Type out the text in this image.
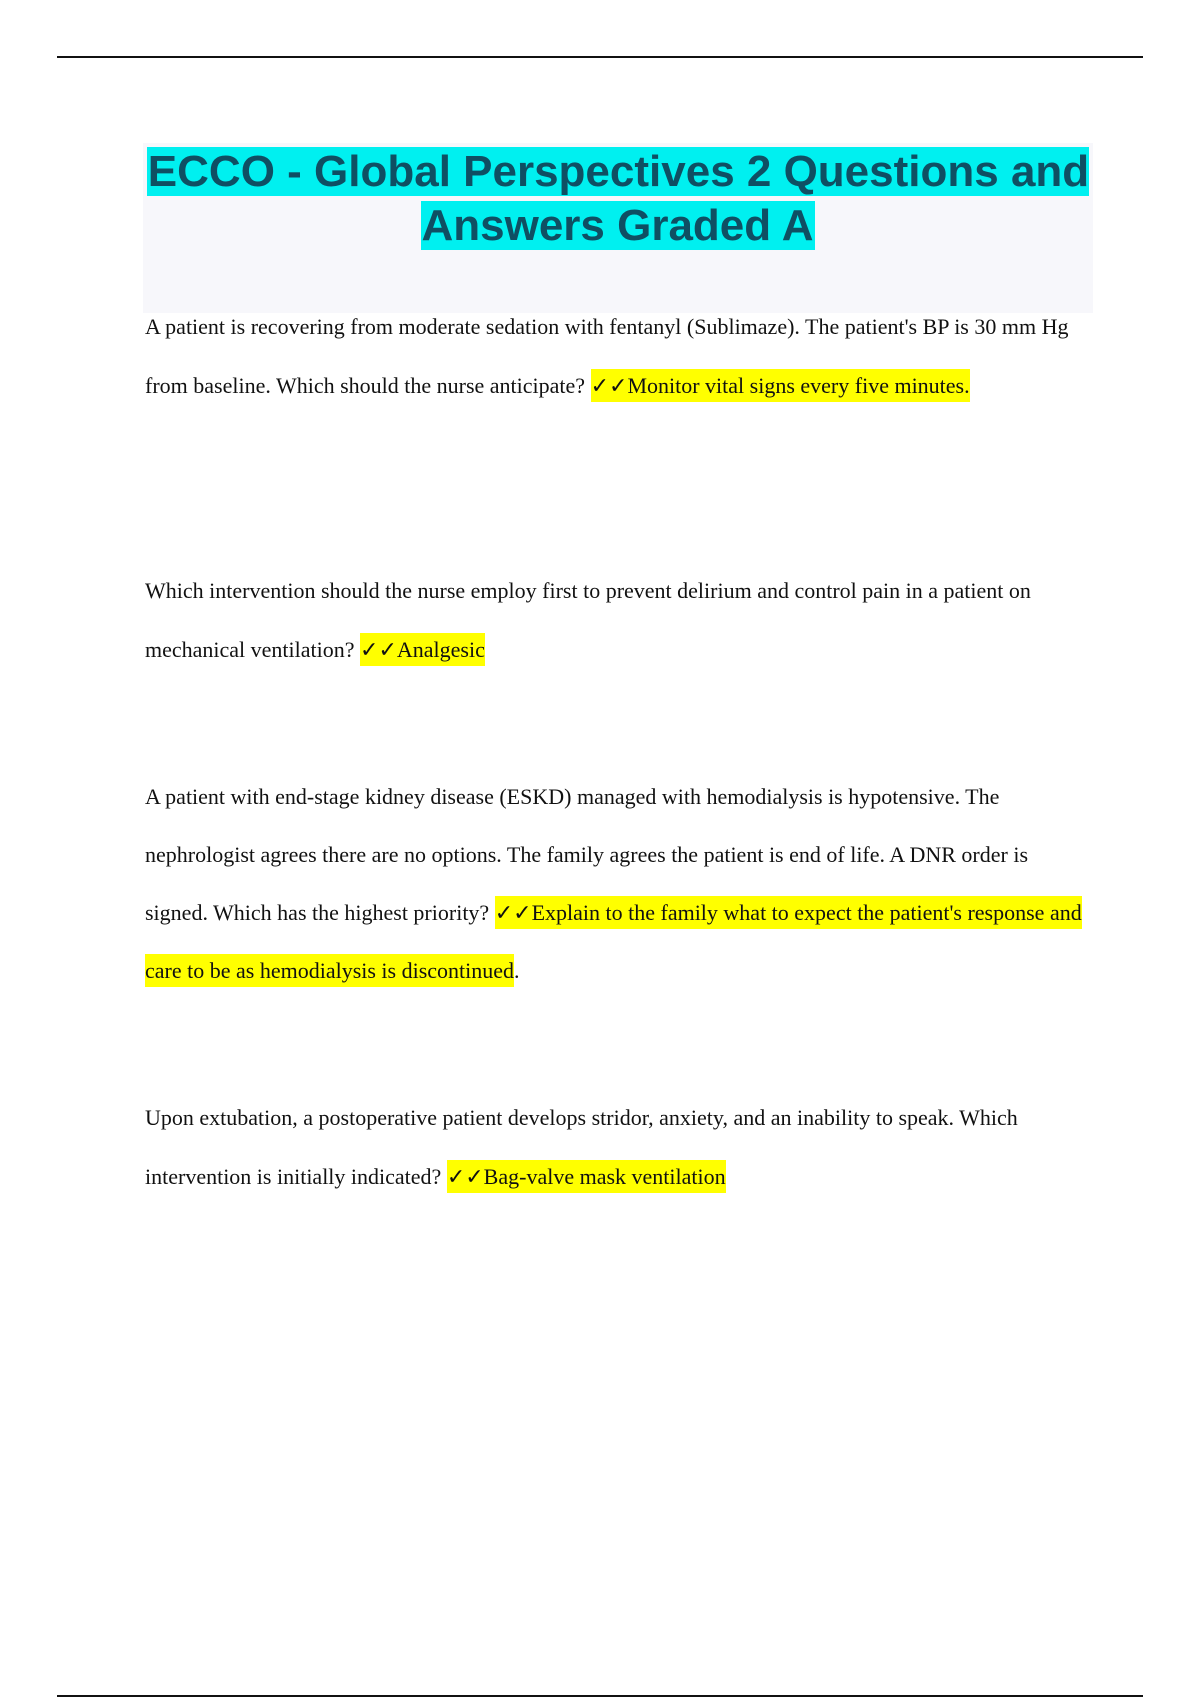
ECCO - Global Perspectives 2 Questions and Answers Graded A

A patient is recovering from moderate sedation with fentanyl (Sublimaze). The patient's BP is 30 mm Hg from baseline. Which should the nurse anticipate? ✓✓Monitor vital signs every five minutes.

Which intervention should the nurse employ first to prevent delirium and control pain in a patient on mechanical ventilation? ✓✓Analgesic

A patient with end-stage kidney disease (ESKD) managed with hemodialysis is hypotensive. The nephrologist agrees there are no options. The family agrees the patient is end of life. A DNR order is signed. Which has the highest priority? ✓✓Explain to the family what to expect the patient's response and care to be as hemodialysis is discontinued.

Upon extubation, a postoperative patient develops stridor, anxiety, and an inability to speak. Which intervention is initially indicated? ✓✓Bag-valve mask ventilation
